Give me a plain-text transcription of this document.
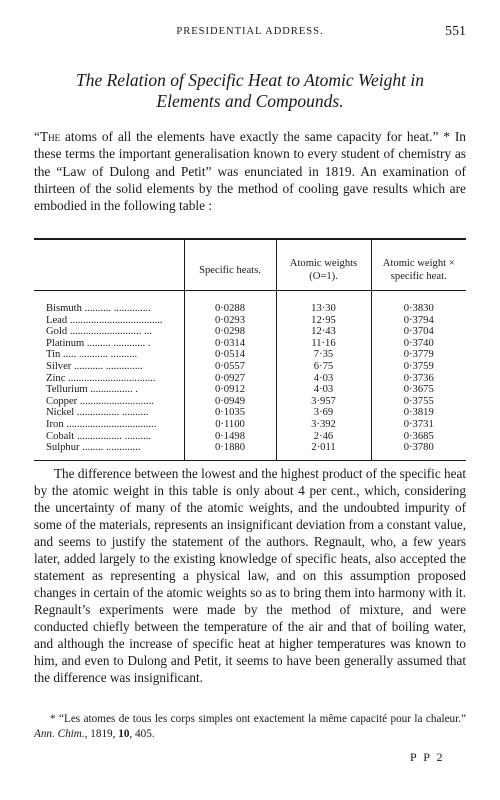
PRESIDENTIAL ADDRESS.	551
The Relation of Specific Heat to Atomic Weight in
Elements and Compounds.
“The atoms of all the elements have exactly the same capacity for heat.” * In these terms the important generalisation known to every student of chemistry as the “Law of Dulong and Petit” was enunciated in 1819. An examination of thirteen of the solid elements by the method of cooling gave results which are embodied in the following table :
	Specific heats.	Atomic weights (O=1).	Atomic weight × specific heat.

Bismuth .......... ..............	0·0288	13·30	0·3830
Lead ...................................	0·0293	12·95	0·3794
Gold ........................... ...	0·0298	12·43	0·3704
Platinum ......... ............ .	0·0314	11·16	0·3740
Tin ..... ........... ..........	0·0514	7·35	0·3779
Silver ........... ..............	0·0557	6·75	0·3759
Zinc .................................	0·0927	4·03	0·3736
Tellurium ................ .	0·0912	4·03	0·3675
Copper ............................	0·0949	3·957	0·3755
Nickel ................ ..........	0·1035	3·69	0·3819
Iron ..................................	0·1100	3·392	0·3731
Cobalt ................. ..........	0·1498	2·46	0·3685
Sulphur ........ .............	0·1880	2·011	0·3780

The difference between the lowest and the highest product of the specific heat by the atomic weight in this table is only about 4 per cent., which, considering the uncertainty of many of the atomic weights, and the undoubted impurity of some of the materials, represents an insignificant deviation from a constant value, and seems to justify the statement of the authors. Regnault, who, a few years later, added largely to the existing knowledge of specific heats, also accepted the statement as representing a physical law, and on this assumption proposed changes in certain of the atomic weights so as to bring them into harmony with it. Regnault’s experiments were made by the method of mixture, and were conducted chiefly between the temperature of the air and that of boiling water, and although the increase of specific heat at higher temperatures was known to him, and even to Dulong and Petit, it seems to have been generally assumed that the difference was insignificant.
* “Les atomes de tous les corps simples ont exactement la même capacité pour la chaleur.” Ann. Chim., 1819, 10, 405.
P P 2
